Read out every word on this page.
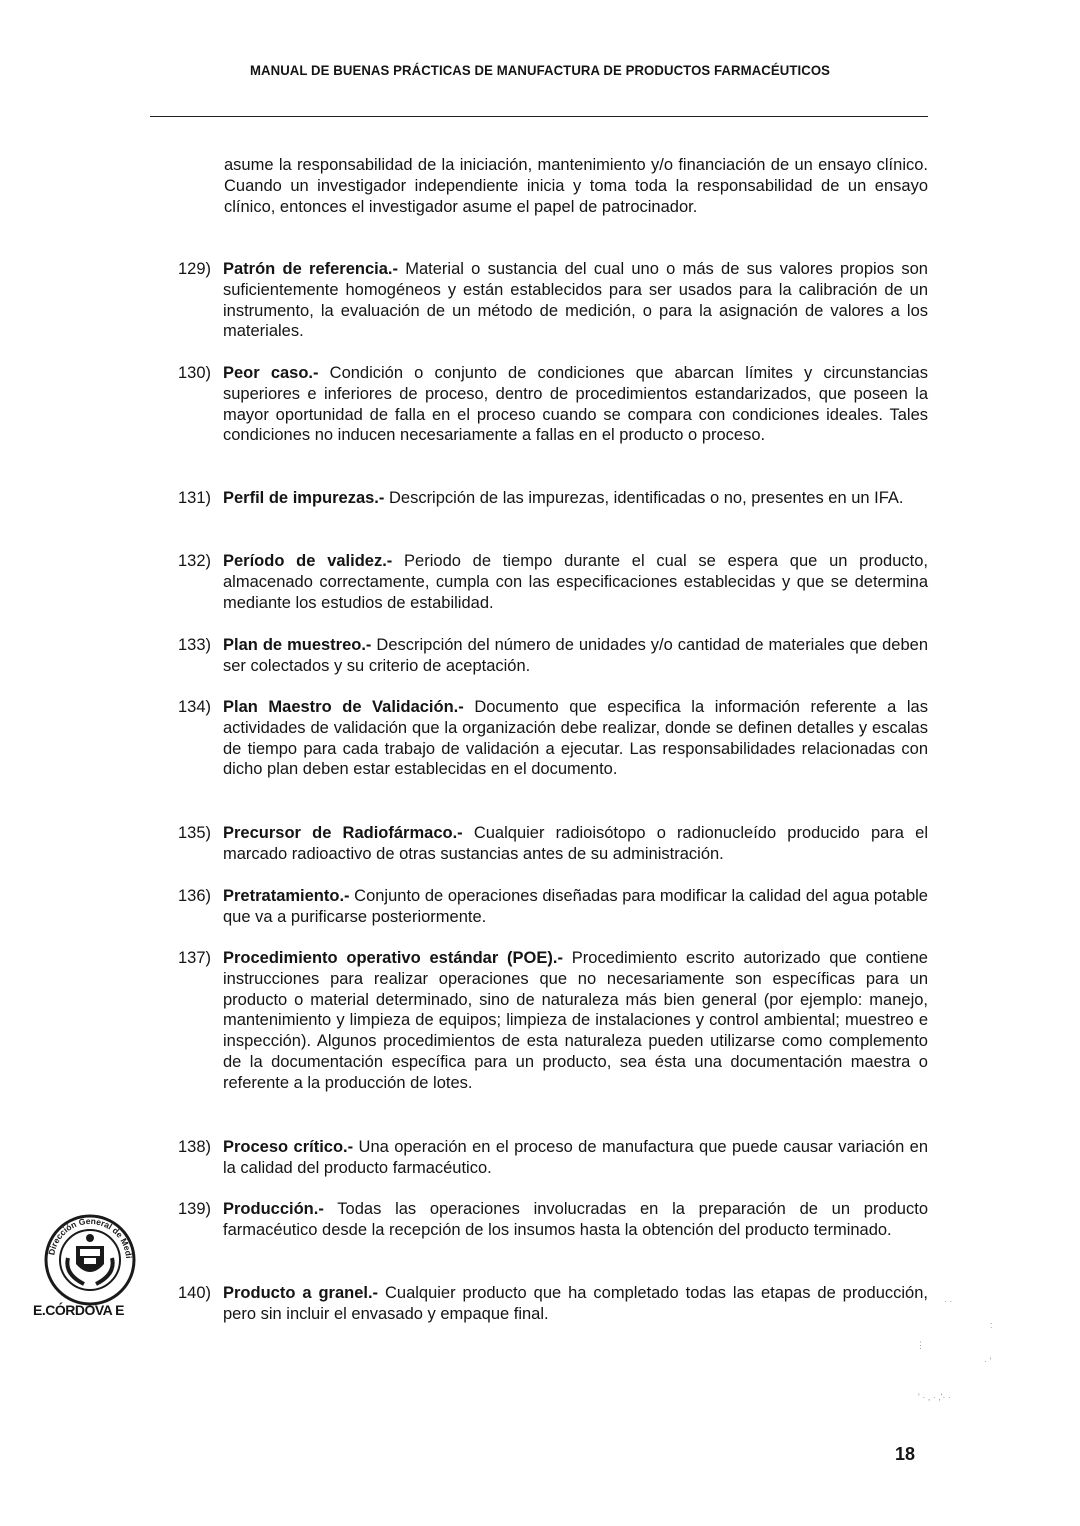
MANUAL DE BUENAS PRÁCTICAS DE MANUFACTURA DE PRODUCTOS FARMACÉUTICOS
asume la responsabilidad de la iniciación, mantenimiento y/o financiación de un ensayo clínico. Cuando un investigador independiente inicia y toma toda la responsabilidad de un ensayo clínico, entonces el investigador asume el papel de patrocinador.
129) Patrón de referencia.- Material o sustancia del cual uno o más de sus valores propios son suficientemente homogéneos y están establecidos para ser usados para la calibración de un instrumento, la evaluación de un método de medición, o para la asignación de valores a los materiales.
130) Peor caso.- Condición o conjunto de condiciones que abarcan límites y circunstancias superiores e inferiores de proceso, dentro de procedimientos estandarizados, que poseen la mayor oportunidad de falla en el proceso cuando se compara con condiciones ideales. Tales condiciones no inducen necesariamente a fallas en el producto o proceso.
131) Perfil de impurezas.- Descripción de las impurezas, identificadas o no, presentes en un IFA.
132) Período de validez.- Periodo de tiempo durante el cual se espera que un producto, almacenado correctamente, cumpla con las especificaciones establecidas y que se determina mediante los estudios de estabilidad.
133) Plan de muestreo.- Descripción del número de unidades y/o cantidad de materiales que deben ser colectados y su criterio de aceptación.
134) Plan Maestro de Validación.- Documento que especifica la información referente a las actividades de validación que la organización debe realizar, donde se definen detalles y escalas de tiempo para cada trabajo de validación a ejecutar. Las responsabilidades relacionadas con dicho plan deben estar establecidas en el documento.
135) Precursor de Radiofármaco.- Cualquier radioisótopo o radionucleído producido para el marcado radioactivo de otras sustancias antes de su administración.
136) Pretratamiento.- Conjunto de operaciones diseñadas para modificar la calidad del agua potable que va a purificarse posteriormente.
137) Procedimiento operativo estándar (POE).- Procedimiento escrito autorizado que contiene instrucciones para realizar operaciones que no necesariamente son específicas para un producto o material determinado, sino de naturaleza más bien general (por ejemplo: manejo, mantenimiento y limpieza de equipos; limpieza de instalaciones y control ambiental; muestreo e inspección). Algunos procedimientos de esta naturaleza pueden utilizarse como complemento de la documentación específica para un producto, sea ésta una documentación maestra o referente a la producción de lotes.
138) Proceso crítico.- Una operación en el proceso de manufactura que puede causar variación en la calidad del producto farmacéutico.
139) Producción.- Todas las operaciones involucradas en la preparación de un producto farmacéutico desde la recepción de los insumos hasta la obtención del producto terminado.
140) Producto a granel.- Cualquier producto que ha completado todas las etapas de producción, pero sin incluir el envasado y empaque final.
Dirección General de Medi
E.CÓRDOVA E
· ·
:
⋮
· '
' · , · ,'· ·
18
